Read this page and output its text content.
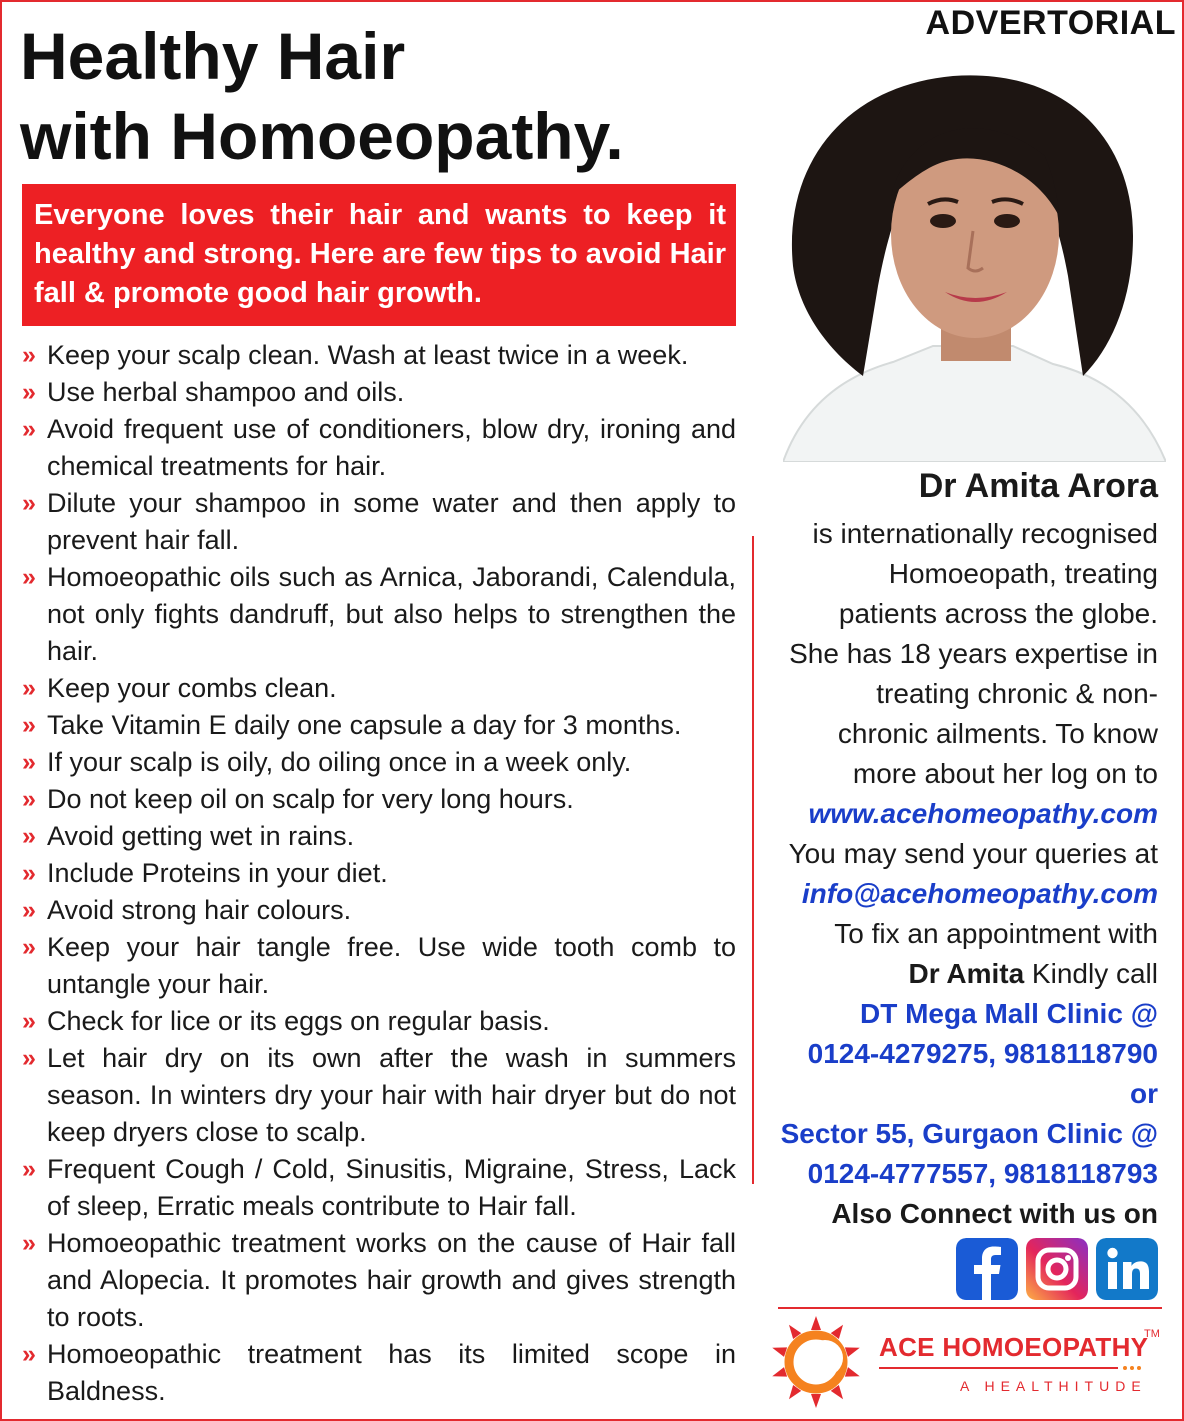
ADVERTORIAL
Healthy Hair
with Homoeopathy.
Everyone loves their hair and wants to keep it healthy and strong. Here are few tips to avoid Hair fall & promote good hair growth.
» Keep your scalp clean. Wash at least twice in a week.
» Use herbal shampoo and oils.
» Avoid frequent use of conditioners, blow dry, ironing and chemical treatments for hair.
» Dilute your shampoo in some water and then apply to prevent hair fall.
» Homoeopathic oils such as Arnica, Jaborandi, Calendula, not only fights dandruff, but also helps to strengthen the hair.
» Keep your combs clean.
» Take Vitamin E daily one capsule a day for 3 months.
» If your scalp is oily, do oiling once in a week only.
» Do not keep oil on scalp for very long hours.
» Avoid getting wet in rains.
» Include Proteins in your diet.
» Avoid strong hair colours.
» Keep your hair tangle free. Use wide tooth comb to untangle your hair.
» Check for lice or its eggs on regular basis.
» Let hair dry on its own after the wash in summers season. In winters dry your hair with hair dryer but do not keep dryers close to scalp.
» Frequent Cough / Cold, Sinusitis, Migraine, Stress, Lack of sleep, Erratic meals contribute to Hair fall.
» Homoeopathic treatment works on the cause of Hair fall and Alopecia. It promotes hair growth and gives strength to roots.
» Homoeopathic treatment has its limited scope in Baldness.
Dr Amita Arora
is internationally recognised
Homoeopath, treating
patients across the globe.
She has 18 years expertise in
treating chronic & non-
chronic ailments. To know
more about her log on to
www.acehomeopathy.com
You may send your queries at
info@acehomeopathy.com
To fix an appointment with
Dr Amita Kindly call
DT Mega Mall Clinic @
0124-4279275, 9818118790
or
Sector 55, Gurgaon Clinic @
0124-4777557, 9818118793
Also Connect with us on
ACE HOMOEOPATHY
TM
A HEALTHITUDE
